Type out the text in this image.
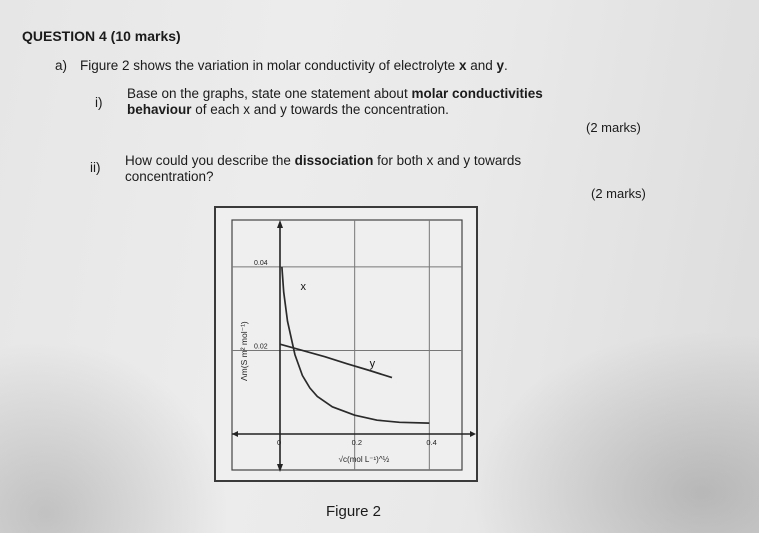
QUESTION 4 (10 marks)
a) Figure 2 shows the variation in molar conductivity of electrolyte x and y.
i)
Base on the graphs, state one statement about molar conductivities
behaviour of each x and y towards the concentration.
(2 marks)
ii) How could you describe the dissociation for both x and y towards
concentration?
(2 marks)
0.02
0.04
0	0.2	0.4
√c(mol L⁻¹)^½
Λm(S m² mol⁻¹)
x
y
Figure 2
